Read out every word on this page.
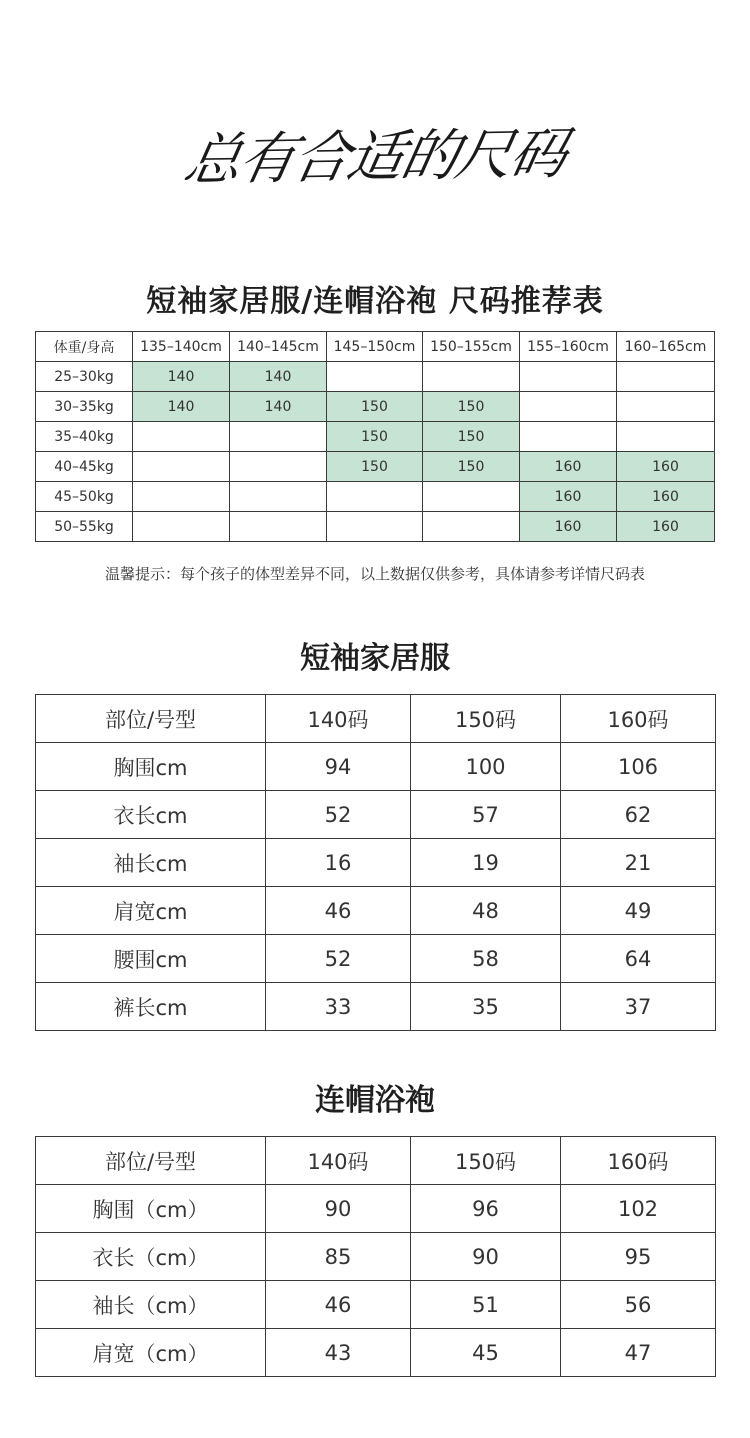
总有合适的尺码
短袖家居服/连帽浴袍 尺码推荐表
体重/身高	135–140cm	140–145cm	145–150cm	150–155cm	155–160cm	160–165cm
25–30kg	140	140				
30–35kg	140	140	150	150		
35–40kg			150	150		
40–45kg			150	150	160	160
45–50kg					160	160
50–55kg					160	160
温馨提示：每个孩子的体型差异不同，以上数据仅供参考，具体请参考详情尺码表
短袖家居服
部位/号型	140码	150码	160码
胸围cm	94	100	106
衣长cm	52	57	62
袖长cm	16	19	21
肩宽cm	46	48	49
腰围cm	52	58	64
裤长cm	33	35	37
连帽浴袍
部位/号型	140码	150码	160码
胸围（cm）	90	96	102
衣长（cm）	85	90	95
袖长（cm）	46	51	56
肩宽（cm）	43	45	47
